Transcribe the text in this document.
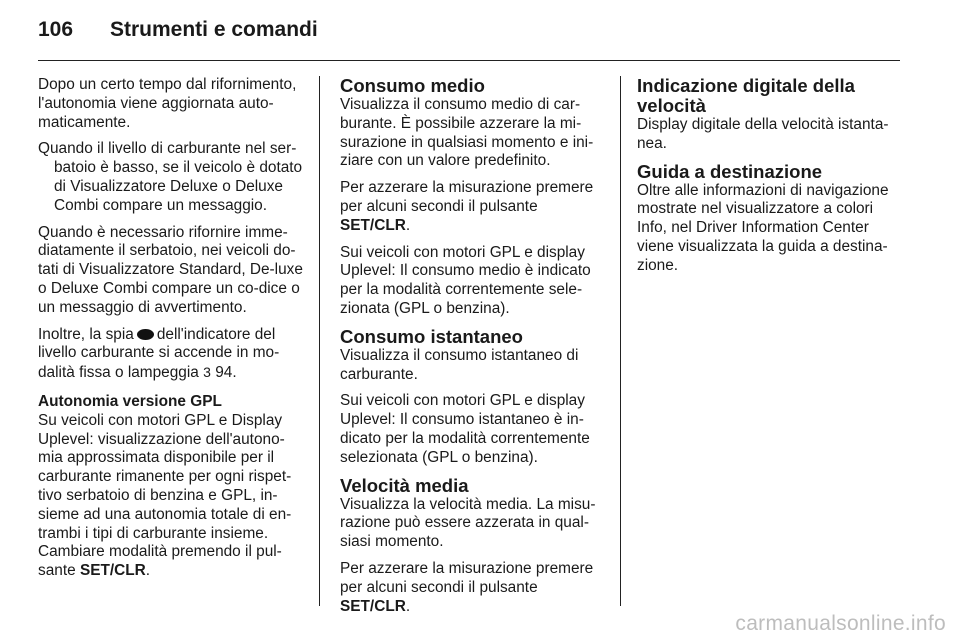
106	Strumenti e comandi

Dopo un certo tempo dal rifornimento, l'autonomia viene aggiornata auto-maticamente.

Quando il livello di carburante nel ser-batoio è basso, se il veicolo è dotato di Visualizzatore Deluxe o Deluxe Combi compare un messaggio.

Quando è necessario rifornire imme-diatamente il serbatoio, nei veicoli do-tati di Visualizzatore Standard, De-luxe o Deluxe Combi compare un co-dice o un messaggio di avvertimento.

Inoltre, la spia dell'indicatore del livello carburante si accende in mo-dalità fissa o lampeggia 3 94.

Autonomia versione GPL

Su veicoli con motori GPL e Display Uplevel: visualizzazione dell'autono-mia approssimata disponibile per il carburante rimanente per ogni rispet-tivo serbatoio di benzina e GPL, in-sieme ad una autonomia totale di en-trambi i tipi di carburante insieme. Cambiare modalità premendo il pul-sante SET/CLR.

Consumo medio

Visualizza il consumo medio di car-burante. È possibile azzerare la mi-surazione in qualsiasi momento e ini-ziare con un valore predefinito.

Per azzerare la misurazione premere per alcuni secondi il pulsante SET/CLR.

Sui veicoli con motori GPL e display Uplevel: Il consumo medio è indicato per la modalità correntemente sele-zionata (GPL o benzina).

Consumo istantaneo

Visualizza il consumo istantaneo di carburante.

Sui veicoli con motori GPL e display Uplevel: Il consumo istantaneo è in-dicato per la modalità correntemente selezionata (GPL o benzina).

Velocità media

Visualizza la velocità media. La misu-razione può essere azzerata in qual-siasi momento.

Per azzerare la misurazione premere per alcuni secondi il pulsante SET/CLR.

Indicazione digitale della velocità

Display digitale della velocità istanta-nea.

Guida a destinazione

Oltre alle informazioni di navigazione mostrate nel visualizzatore a colori Info, nel Driver Information Center viene visualizzata la guida a destina-zione.

carmanualsonline.info
